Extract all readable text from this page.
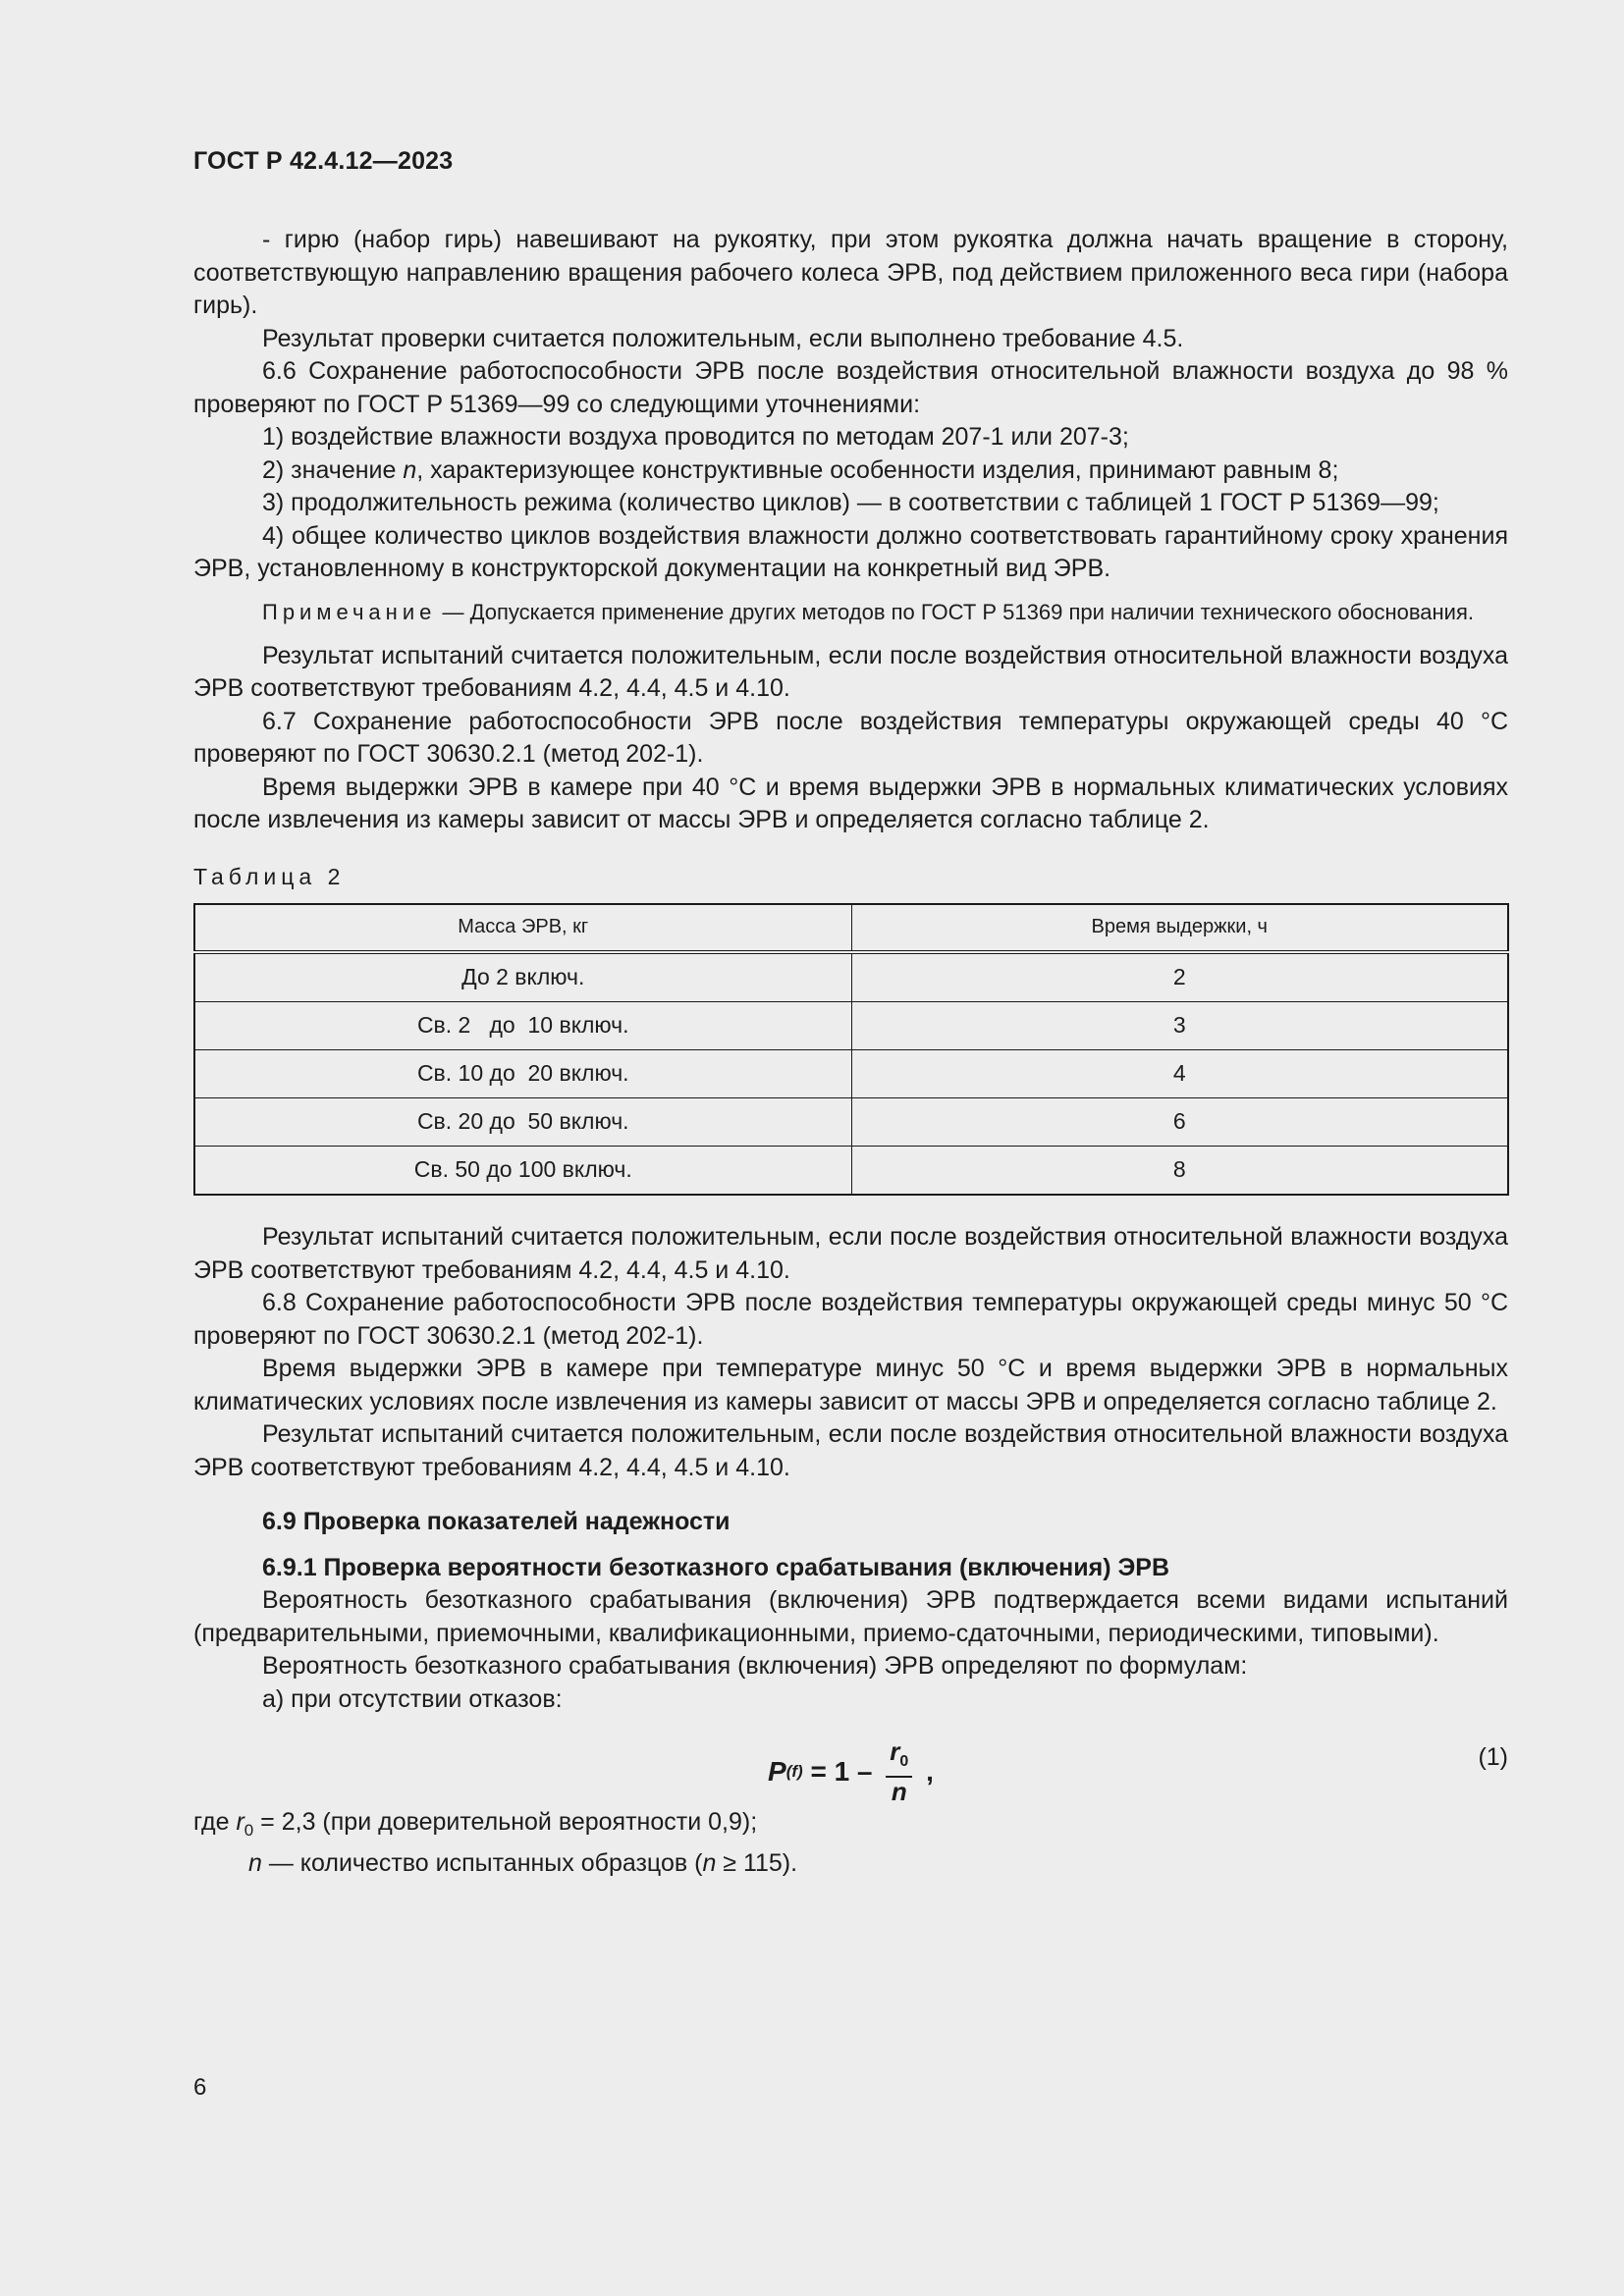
ГОСТ Р 42.4.12—2023

- гирю (набор гирь) навешивают на рукоятку, при этом рукоятка должна начать вращение в сторону, соответствующую направлению вращения рабочего колеса ЭРВ, под действием приложенного веса гири (набора гирь).

Результат проверки считается положительным, если выполнено требование 4.5.

6.6 Сохранение работоспособности ЭРВ после воздействия относительной влажности воздуха до 98 % проверяют по ГОСТ Р 51369—99 со следующими уточнениями:

1) воздействие влажности воздуха проводится по методам 207-1 или 207-3;

2) значение n, характеризующее конструктивные особенности изделия, принимают равным 8;

3) продолжительность режима (количество циклов) — в соответствии с таблицей 1 ГОСТ Р 51369—99;

4) общее количество циклов воздействия влажности должно соответствовать гарантийному сроку хранения ЭРВ, установленному в конструкторской документации на конкретный вид ЭРВ.

Примечание — Допускается применение других методов по ГОСТ Р 51369 при наличии технического обоснования.

Результат испытаний считается положительным, если после воздействия относительной влажности воздуха ЭРВ соответствуют требованиям 4.2, 4.4, 4.5 и 4.10.

6.7 Сохранение работоспособности ЭРВ после воздействия температуры окружающей среды 40 °С проверяют по ГОСТ 30630.2.1 (метод 202-1).

Время выдержки ЭРВ в камере при 40 °С и время выдержки ЭРВ в нормальных климатических условиях после извлечения из камеры зависит от массы ЭРВ и определяется согласно таблице 2.

Таблица 2
Масса ЭРВ, кг	Время выдержки, ч
До 2 включ.	2
Св. 2   до  10 включ.	3
Св. 10 до  20 включ.	4
Св. 20 до  50 включ.	6
Св. 50 до 100 включ.	8

Результат испытаний считается положительным, если после воздействия относительной влажности воздуха ЭРВ соответствуют требованиям 4.2, 4.4, 4.5 и 4.10.

6.8 Сохранение работоспособности ЭРВ после воздействия температуры окружающей среды минус 50 °С проверяют по ГОСТ 30630.2.1 (метод 202-1).

Время выдержки ЭРВ в камере при температуре минус 50 °С и время выдержки ЭРВ в нормальных климатических условиях после извлечения из камеры зависит от массы ЭРВ и определяется согласно таблице 2.

Результат испытаний считается положительным, если после воздействия относительной влажности воздуха ЭРВ соответствуют требованиям 4.2, 4.4, 4.5 и 4.10.

6.9 Проверка показателей надежности

6.9.1 Проверка вероятности безотказного срабатывания (включения) ЭРВ

Вероятность безотказного срабатывания (включения) ЭРВ подтверждается всеми видами испытаний (предварительными, приемочными, квалификационными, приемо-сдаточными, периодическими, типовыми).

Вероятность безотказного срабатывания (включения) ЭРВ определяют по формулам:

а) при отсутствии отказов:

P $(f) = 1 - \frac{r_0}{n}$ ,	(1)

где $r_0 = 2,3$ (при доверительной вероятности 0,9);

n — количество испытанных образцов (n ≥ 115).

6
